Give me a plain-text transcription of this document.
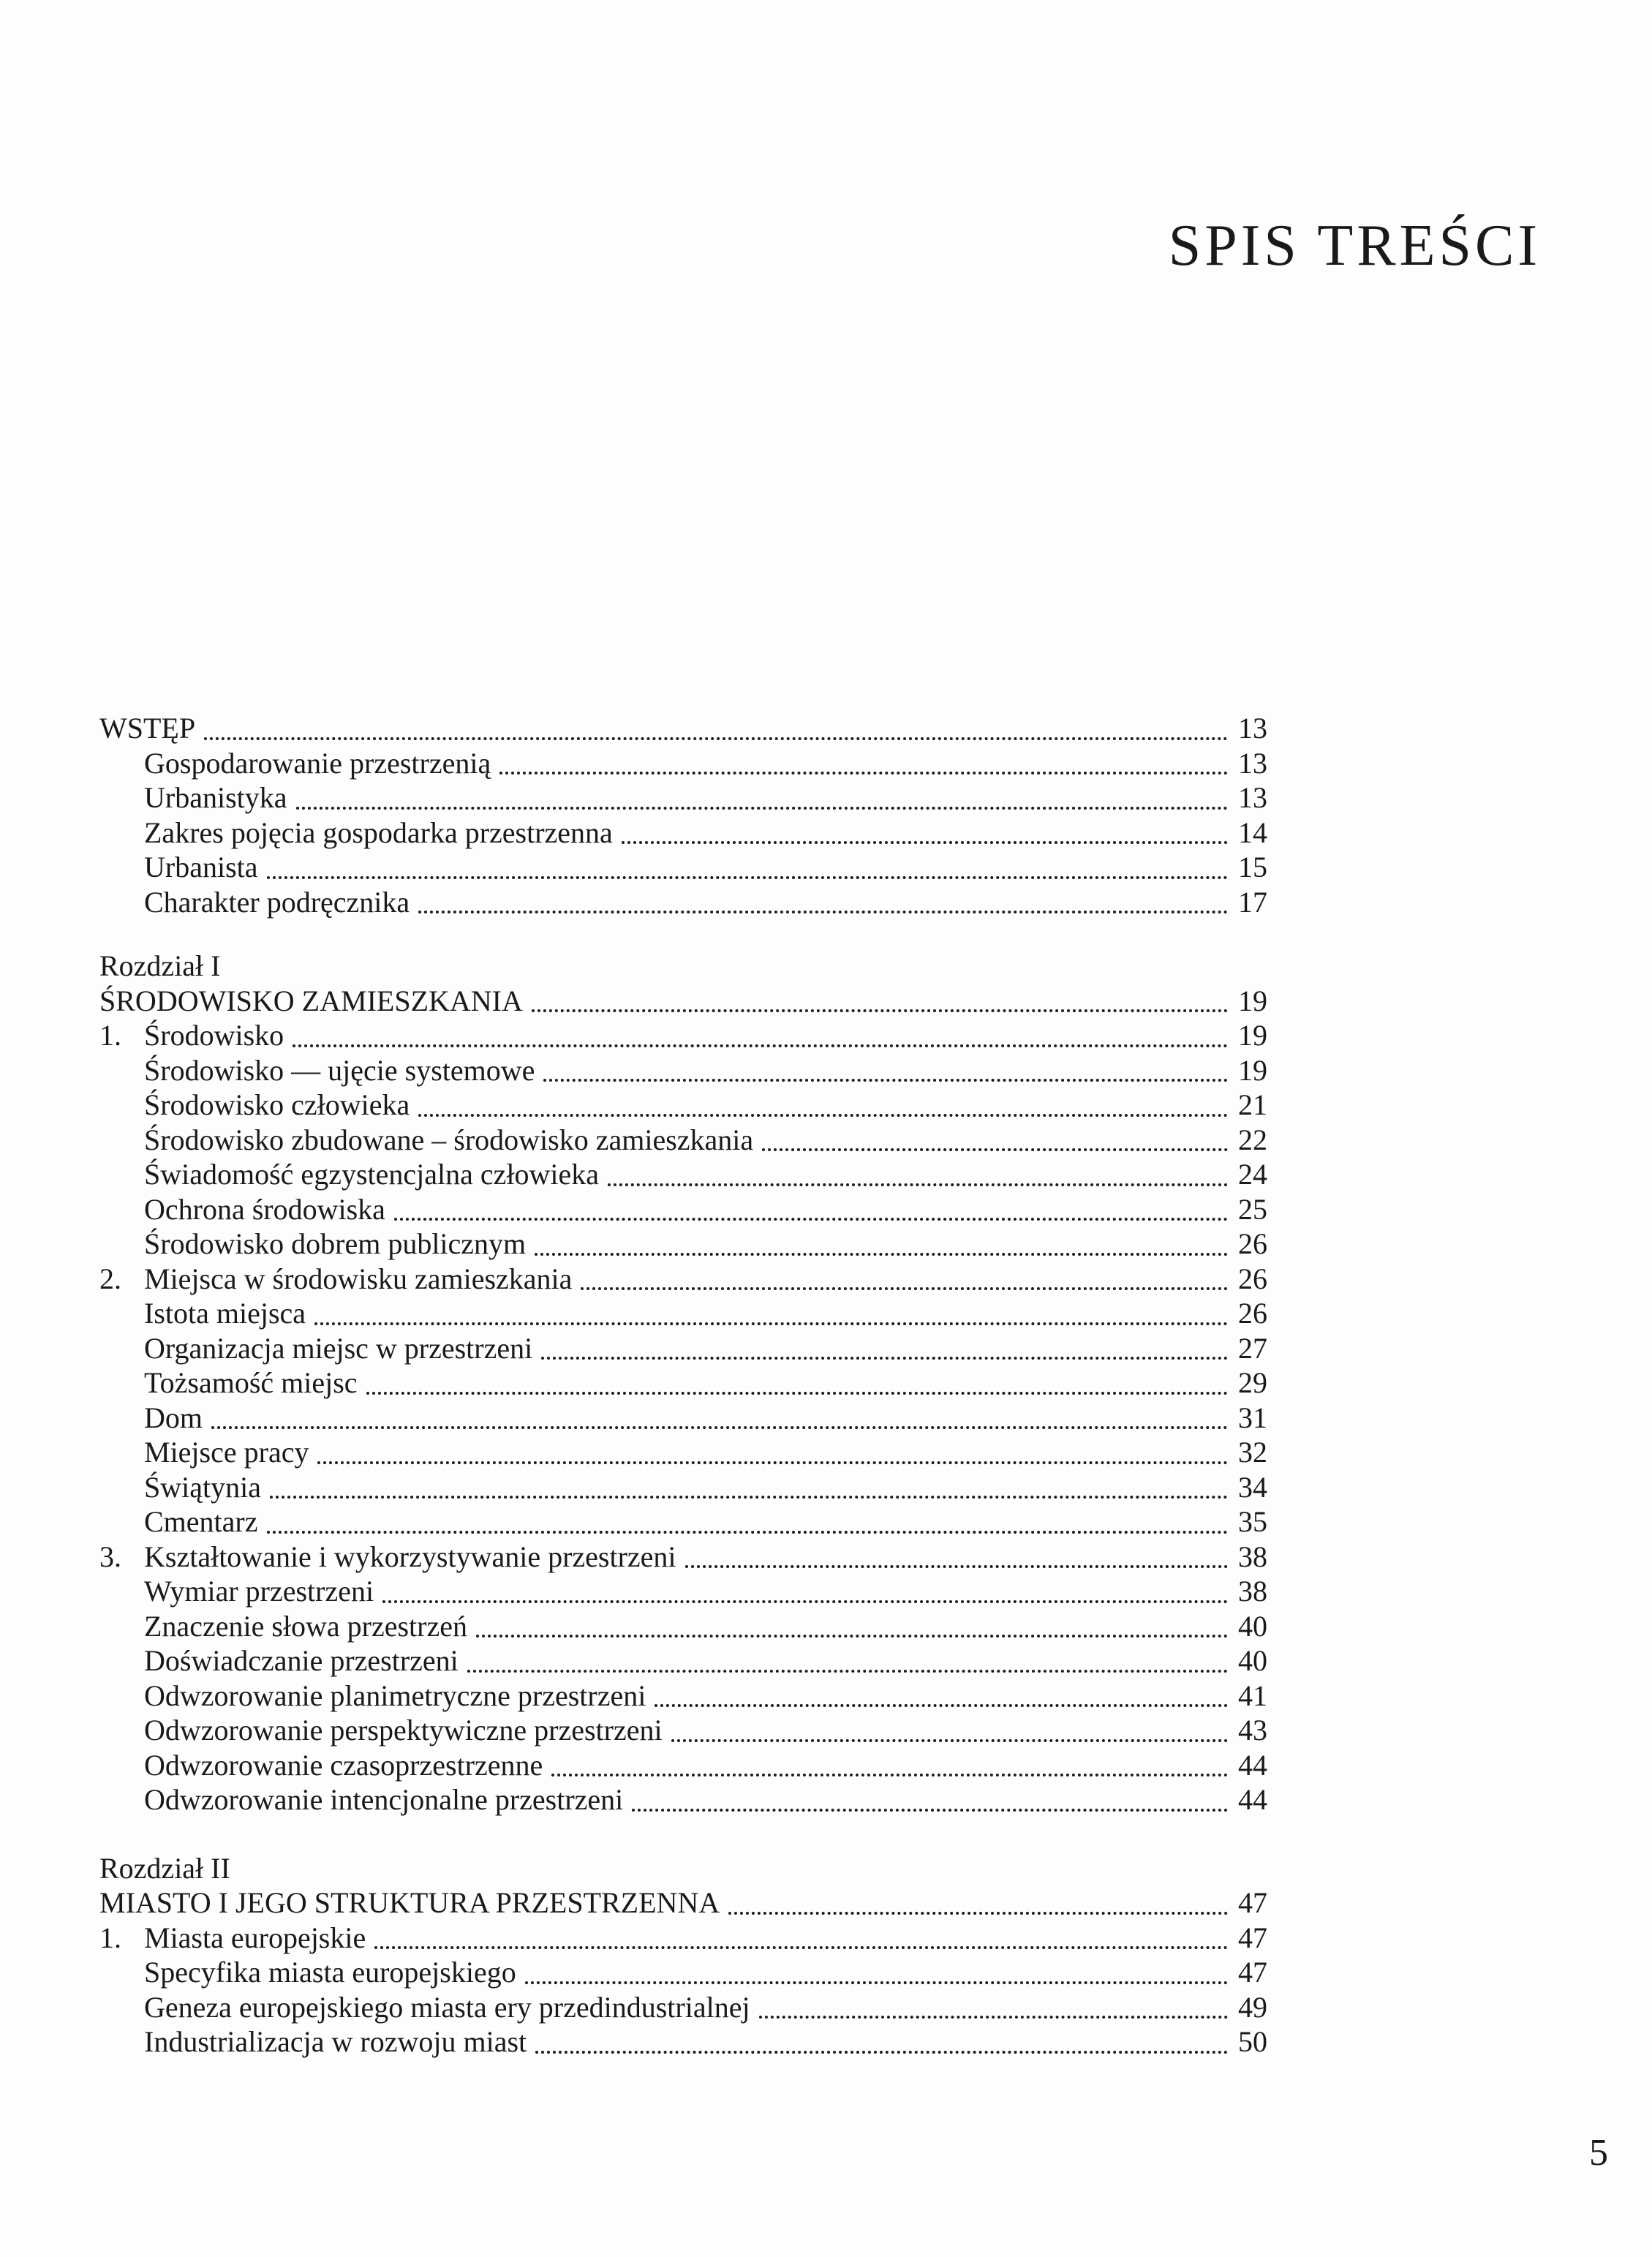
SPIS TREŚCI
WSTĘP	13
Gospodarowanie przestrzenią	13
Urbanistyka	13
Zakres pojęcia gospodarka przestrzenna	14
Urbanista	15
Charakter podręcznika	17
Rozdział I
ŚRODOWISKO ZAMIESZKANIA	19
1. Środowisko	19
Środowisko — ujęcie systemowe	19
Środowisko człowieka	21
Środowisko zbudowane – środowisko zamieszkania	22
Świadomość egzystencjalna człowieka	24
Ochrona środowiska	25
Środowisko dobrem publicznym	26
2. Miejsca w środowisku zamieszkania	26
Istota miejsca	26
Organizacja miejsc w przestrzeni	27
Tożsamość miejsc	29
Dom	31
Miejsce pracy	32
Świątynia	34
Cmentarz	35
3. Kształtowanie i wykorzystywanie przestrzeni	38
Wymiar przestrzeni	38
Znaczenie słowa przestrzeń	40
Doświadczanie przestrzeni	40
Odwzorowanie planimetryczne przestrzeni	41
Odwzorowanie perspektywiczne przestrzeni	43
Odwzorowanie czasoprzestrzenne	44
Odwzorowanie intencjonalne przestrzeni	44
Rozdział II
MIASTO I JEGO STRUKTURA PRZESTRZENNA	47
1. Miasta europejskie	47
Specyfika miasta europejskiego	47
Geneza europejskiego miasta ery przedindustrialnej	49
Industrializacja w rozwoju miast	50
5
